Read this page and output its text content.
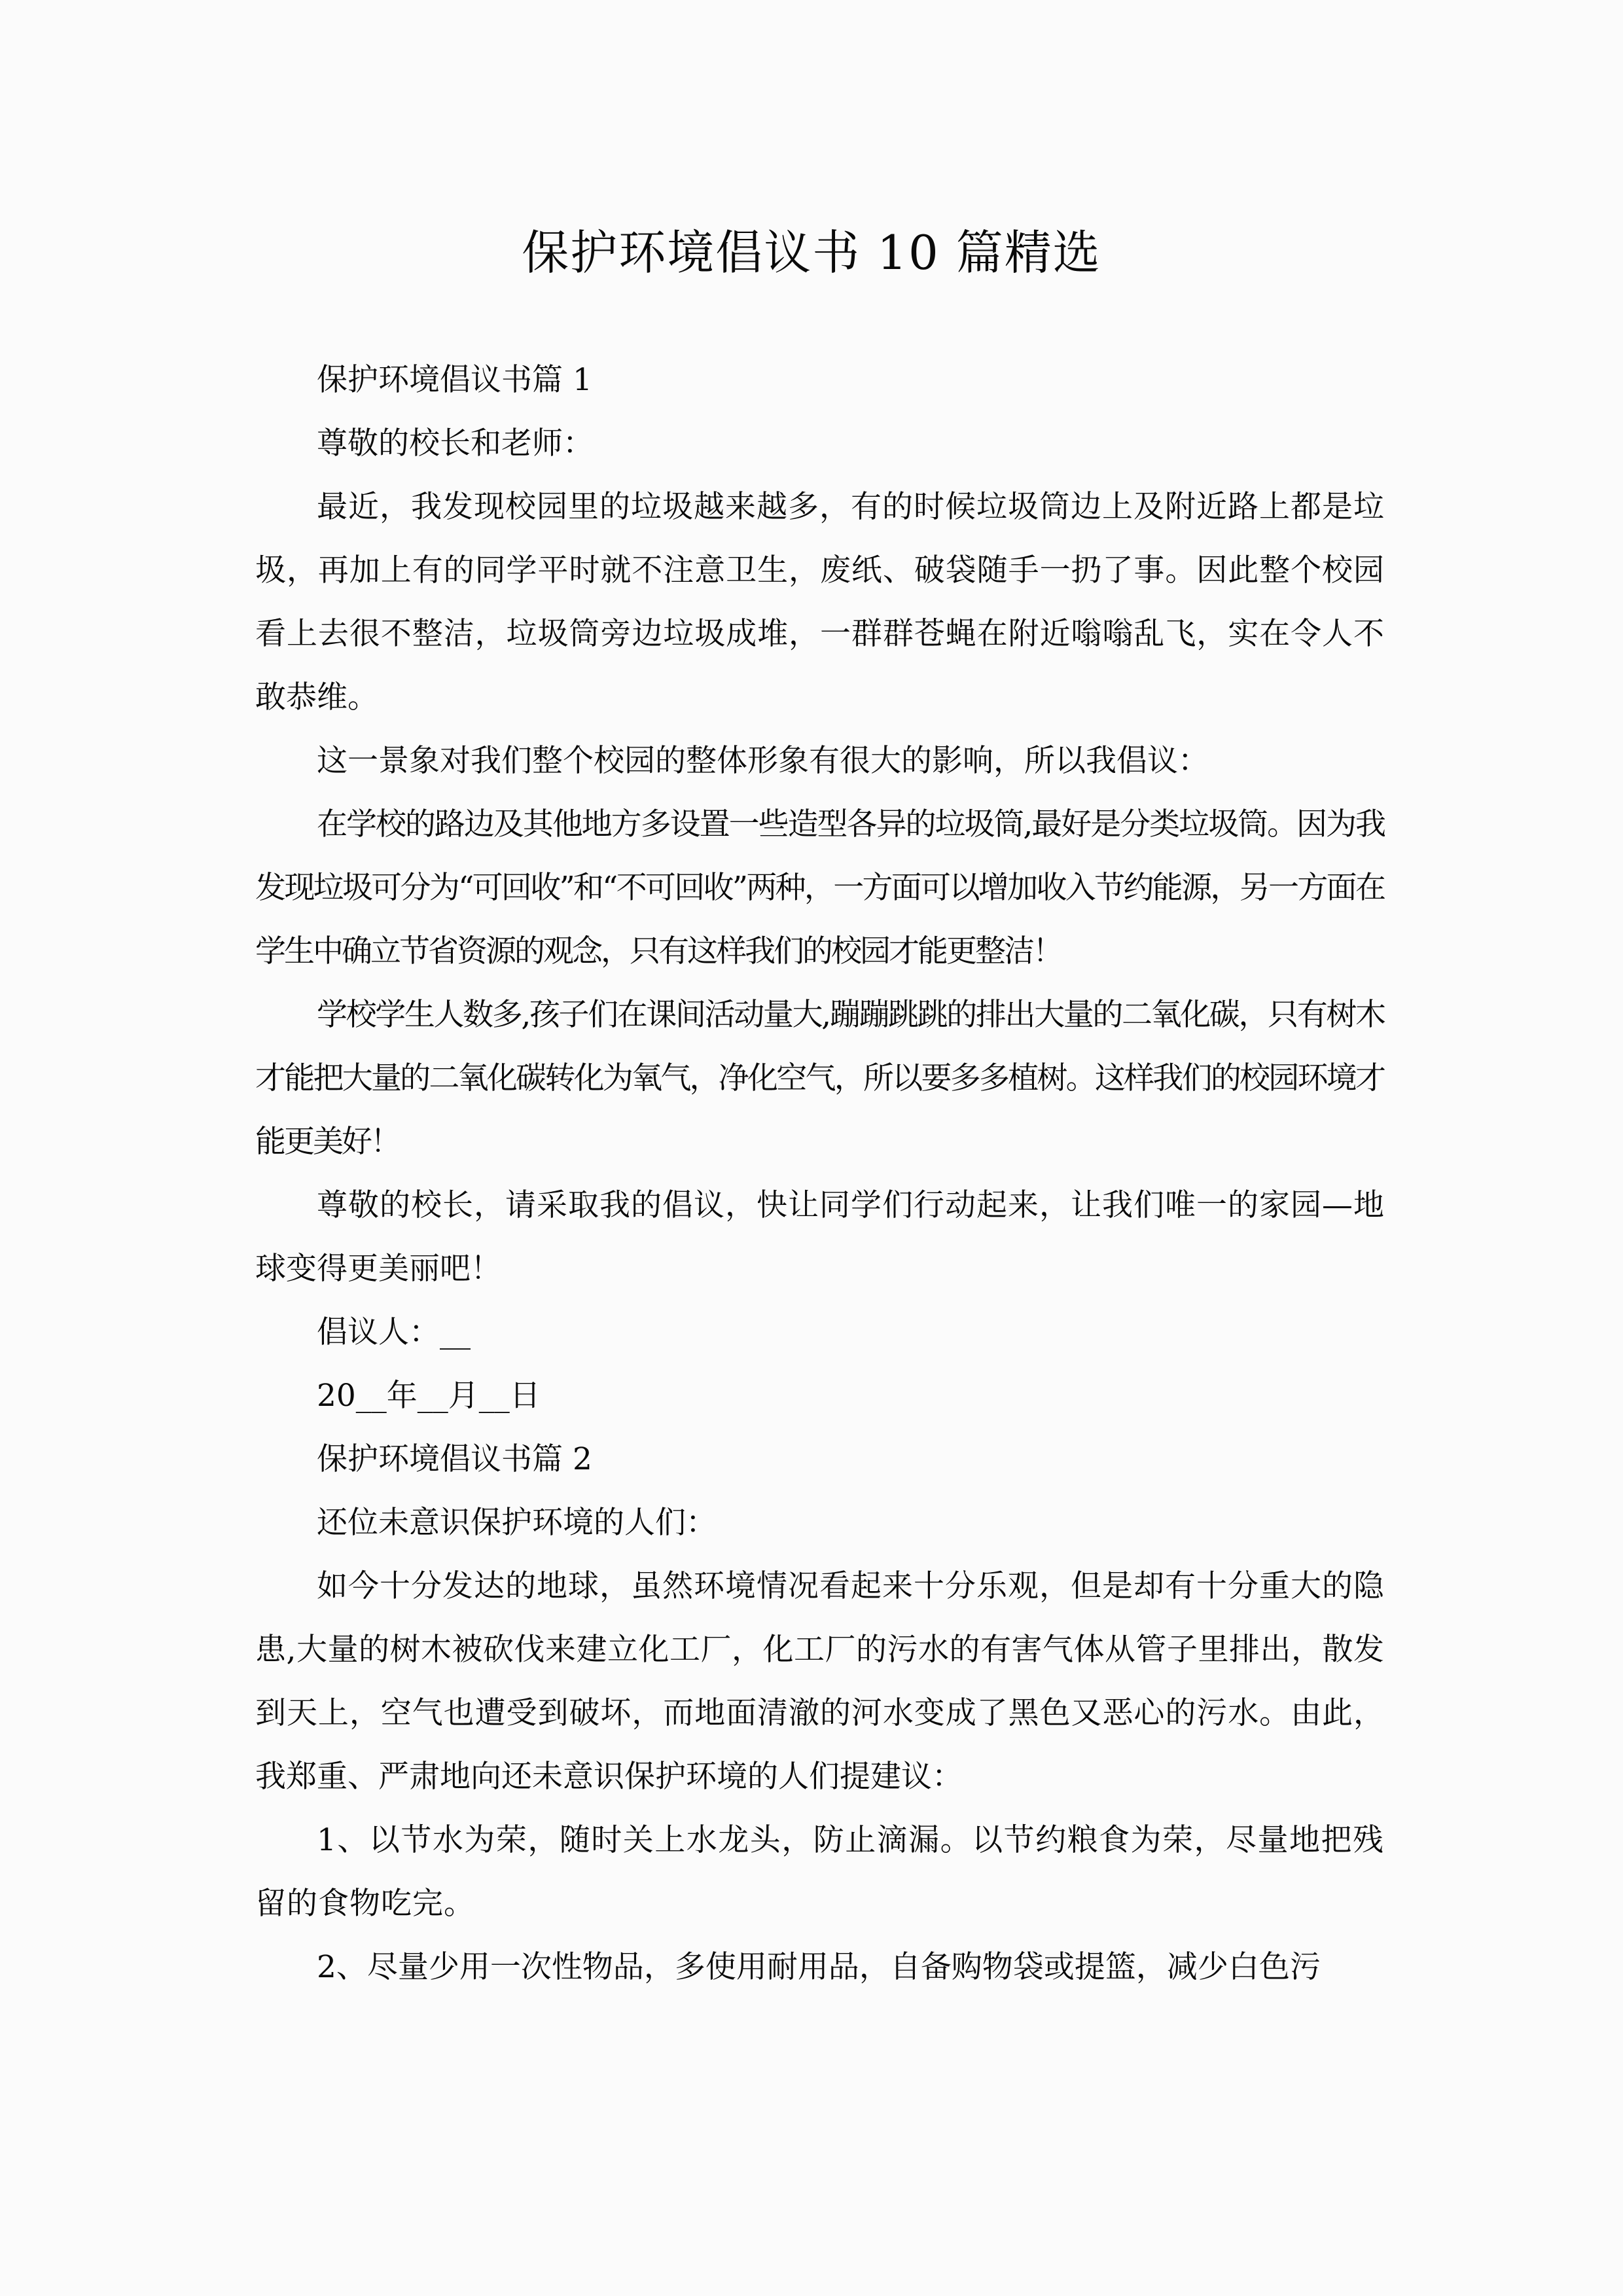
保护环境倡议书 10 篇精选

保护环境倡议书篇 1

尊敬的校长和老师：

最近，我发现校园里的垃圾越来越多，有的时候垃圾筒边上及附近路上都是垃圾，再加上有的同学平时就不注意卫生，废纸、破袋随手一扔了事。因此整个校园看上去很不整洁，垃圾筒旁边垃圾成堆，一群群苍蝇在附近嗡嗡乱飞，实在令人不敢恭维。

这一景象对我们整个校园的整体形象有很大的影响，所以我倡议：

在学校的路边及其他地方多设置一些造型各异的垃圾筒,最好是分类垃圾筒。因为我发现垃圾可分为“可回收”和“不可回收”两种，一方面可以增加收入节约能源，另一方面在学生中确立节省资源的观念，只有这样我们的校园才能更整洁！

学校学生人数多,孩子们在课间活动量大,蹦蹦跳跳的排出大量的二氧化碳，只有树木才能把大量的二氧化碳转化为氧气，净化空气，所以要多多植树。这样我们的校园环境才能更美好！

尊敬的校长，请采取我的倡议，快让同学们行动起来，让我们唯一的家园—地球变得更美丽吧！

倡议人：__

20__年__月__日

保护环境倡议书篇 2

还位未意识保护环境的人们：

如今十分发达的地球，虽然环境情况看起来十分乐观，但是却有十分重大的隐患,大量的树木被砍伐来建立化工厂，化工厂的污水的有害气体从管子里排出，散发到天上，空气也遭受到破坏，而地面清澈的河水变成了黑色又恶心的污水。由此，我郑重、严肃地向还未意识保护环境的人们提建议：

1、以节水为荣，随时关上水龙头，防止滴漏。以节约粮食为荣，尽量地把残留的食物吃完。

2、尽量少用一次性物品，多使用耐用品，自备购物袋或提篮，减少白色污
